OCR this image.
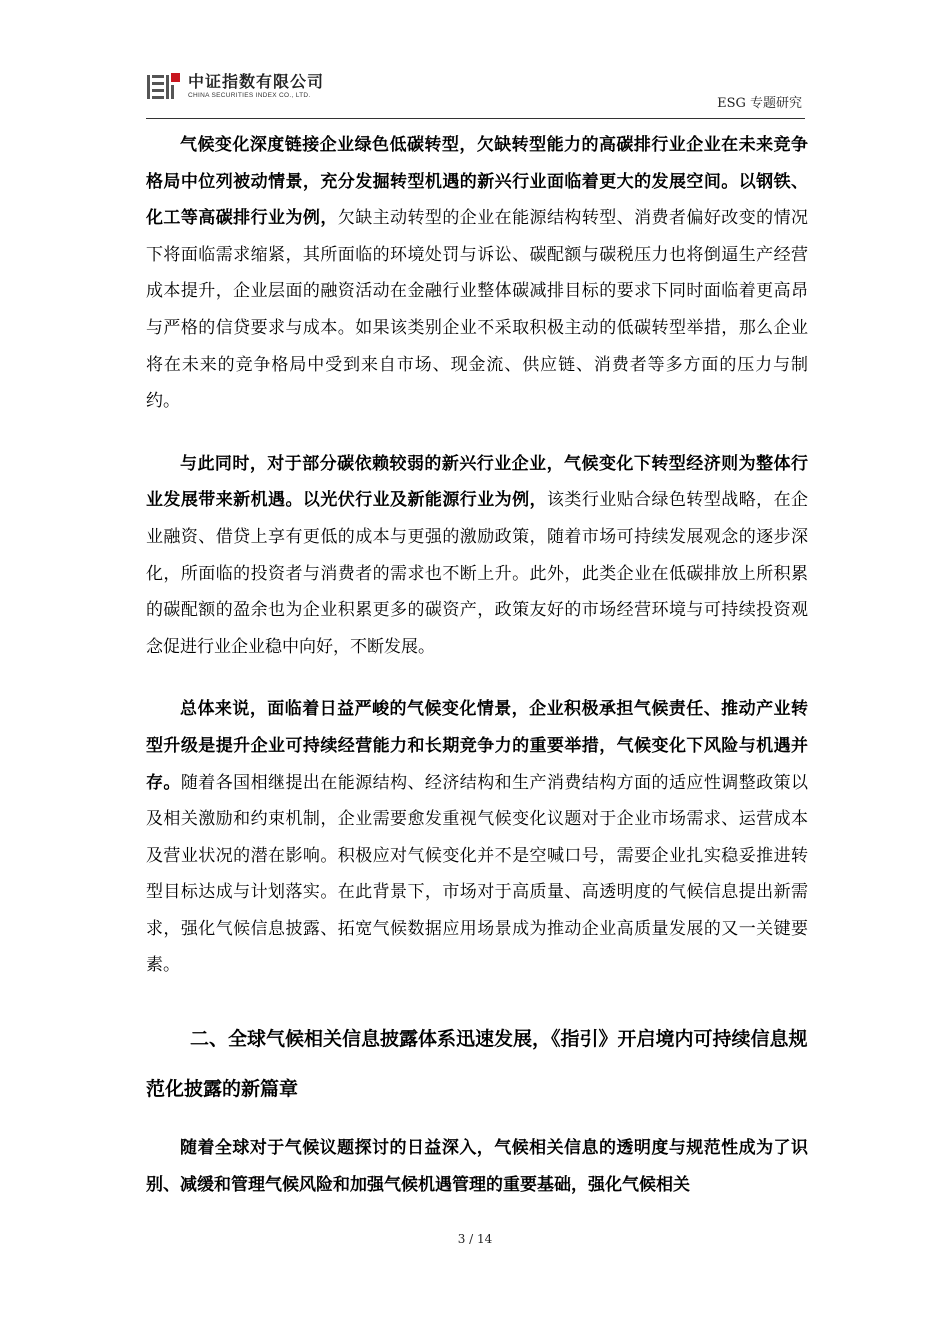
中证指数有限公司
CHINA SECURITIES INDEX CO., LTD.
ESG 专题研究

气候变化深度链接企业绿色低碳转型，欠缺转型能力的高碳排行业企业在未来竞争格局中位列被动情景，充分发掘转型机遇的新兴行业面临着更大的发展空间。以钢铁、化工等高碳排行业为例，欠缺主动转型的企业在能源结构转型、消费者偏好改变的情况下将面临需求缩紧，其所面临的环境处罚与诉讼、碳配额与碳税压力也将倒逼生产经营成本提升，企业层面的融资活动在金融行业整体碳减排目标的要求下同时面临着更高昂与严格的信贷要求与成本。如果该类别企业不采取积极主动的低碳转型举措，那么企业将在未来的竞争格局中受到来自市场、现金流、供应链、消费者等多方面的压力与制约。

与此同时，对于部分碳依赖较弱的新兴行业企业，气候变化下转型经济则为整体行业发展带来新机遇。以光伏行业及新能源行业为例，该类行业贴合绿色转型战略，在企业融资、借贷上享有更低的成本与更强的激励政策，随着市场可持续发展观念的逐步深化，所面临的投资者与消费者的需求也不断上升。此外，此类企业在低碳排放上所积累的碳配额的盈余也为企业积累更多的碳资产，政策友好的市场经营环境与可持续投资观念促进行业企业稳中向好，不断发展。

总体来说，面临着日益严峻的气候变化情景，企业积极承担气候责任、推动产业转型升级是提升企业可持续经营能力和长期竞争力的重要举措，气候变化下风险与机遇并存。随着各国相继提出在能源结构、经济结构和生产消费结构方面的适应性调整政策以及相关激励和约束机制，企业需要愈发重视气候变化议题对于企业市场需求、运营成本及营业状况的潜在影响。积极应对气候变化并不是空喊口号，需要企业扎实稳妥推进转型目标达成与计划落实。在此背景下，市场对于高质量、高透明度的气候信息提出新需求，强化气候信息披露、拓宽气候数据应用场景成为推动企业高质量发展的又一关键要素。

二、全球气候相关信息披露体系迅速发展，《指引》开启境内可持续信息规范化披露的新篇章

随着全球对于气候议题探讨的日益深入，气候相关信息的透明度与规范性成为了识别、减缓和管理气候风险和加强气候机遇管理的重要基础，强化气候相关

3 / 14
